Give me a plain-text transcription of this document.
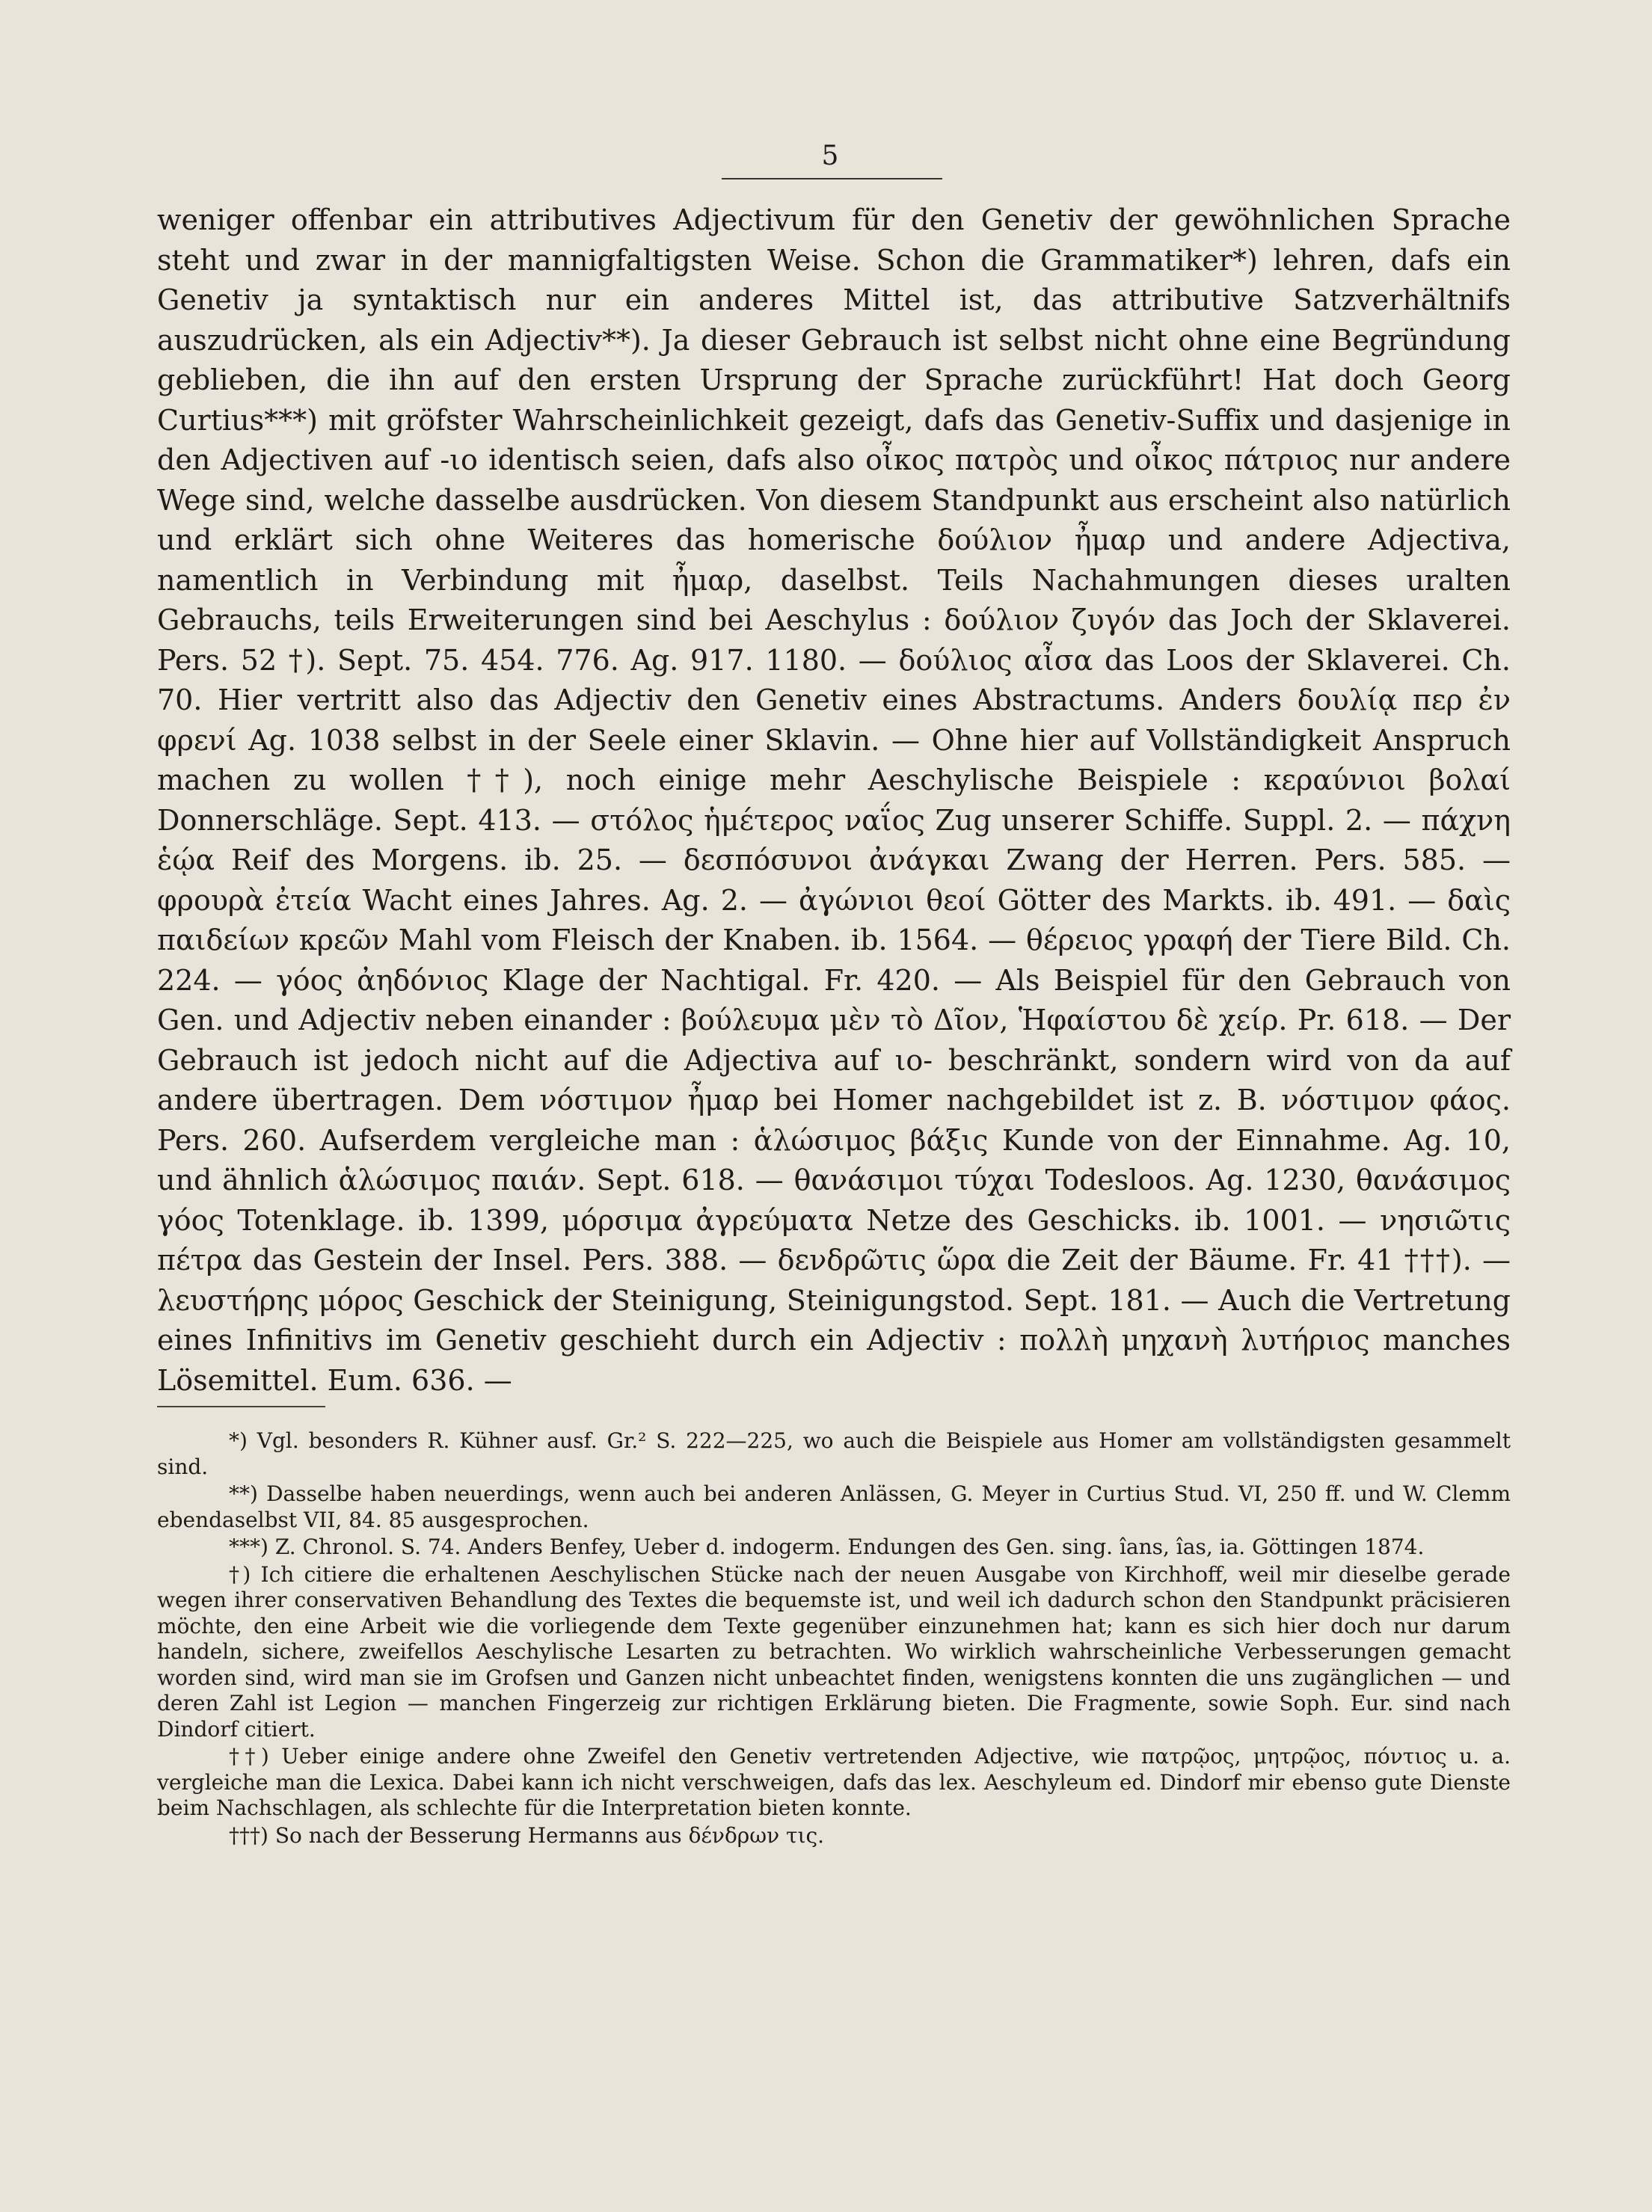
5

weniger offenbar ein attributives Adjectivum für den Genetiv der gewöhnlichen Sprache steht und zwar in der mannigfaltigsten Weise. Schon die Grammatiker*) lehren, dafs ein Genetiv ja syntaktisch nur ein anderes Mittel ist, das attributive Satzverhältnifs auszudrücken, als ein Adjectiv**). Ja dieser Gebrauch ist selbst nicht ohne eine Begründung geblieben, die ihn auf den ersten Ursprung der Sprache zurückführt! Hat doch Georg Curtius***) mit gröfster Wahrscheinlichkeit gezeigt, dafs das Genetiv-Suffix und dasjenige in den Adjectiven auf -ιο identisch seien, dafs also οἶκος πατρὸς und οἶκος πάτριος nur andere Wege sind, welche dasselbe ausdrücken. Von diesem Standpunkt aus erscheint also natürlich und erklärt sich ohne Weiteres das homerische δούλιον ἦμαρ und andere Adjectiva, namentlich in Verbindung mit ἦμαρ, daselbst. Teils Nachahmungen dieses uralten Gebrauchs, teils Erweiterungen sind bei Aeschylus : δούλιον ζυγόν das Joch der Sklaverei. Pers. 52 †). Sept. 75. 454. 776. Ag. 917. 1180. — δούλιος αἶσα das Loos der Sklaverei. Ch. 70. Hier vertritt also das Adjectiv den Genetiv eines Abstractums. Anders δουλίᾳ περ ἐν φρενί Ag. 1038 selbst in der Seele einer Sklavin. — Ohne hier auf Vollständigkeit Anspruch machen zu wollen ††), noch einige mehr Aeschylische Beispiele : κεραύνιοι βολαί Donnerschläge. Sept. 413. — στόλος ἡμέτερος ναΐος Zug unserer Schiffe. Suppl. 2. — πάχνη ἑῴα Reif des Morgens. ib. 25. — δεσπόσυνοι ἀνάγκαι Zwang der Herren. Pers. 585. — φρουρὰ ἐτεία Wacht eines Jahres. Ag. 2. — ἀγώνιοι θεοί Götter des Markts. ib. 491. — δαὶς παιδείων κρεῶν Mahl vom Fleisch der Knaben. ib. 1564. — θέρειος γραφή der Tiere Bild. Ch. 224. — γόος ἀηδόνιος Klage der Nachtigal. Fr. 420. — Als Beispiel für den Gebrauch von Gen. und Adjectiv neben einander : βούλευμα μὲν τὸ Δῖον, Ἡφαίστου δὲ χείρ. Pr. 618. — Der Gebrauch ist jedoch nicht auf die Adjectiva auf ιο- beschränkt, sondern wird von da auf andere übertragen. Dem νόστιμον ἦμαρ bei Homer nachgebildet ist z. B. νόστιμον φάος. Pers. 260. Aufserdem vergleiche man : ἁλώσιμος βάξις Kunde von der Einnahme. Ag. 10, und ähnlich ἁλώσιμος παιάν. Sept. 618. — θανάσιμοι τύχαι Todesloos. Ag. 1230, θανάσιμος γόος Totenklage. ib. 1399, μόρσιμα ἀγρεύματα Netze des Geschicks. ib. 1001. — νησιῶτις πέτρα das Gestein der Insel. Pers. 388. — δενδρῶτις ὥρα die Zeit der Bäume. Fr. 41 †††). — λευστήρης μόρος Geschick der Steinigung, Steinigungstod. Sept. 181. — Auch die Vertretung eines Infinitivs im Genetiv geschieht durch ein Adjectiv : πολλὴ μηχανὴ λυτήριος manches Lösemittel. Eum. 636. —

*) Vgl. besonders R. Kühner ausf. Gr.² S. 222—225, wo auch die Beispiele aus Homer am vollständigsten gesammelt sind.

**) Dasselbe haben neuerdings, wenn auch bei anderen Anlässen, G. Meyer in Curtius Stud. VI, 250 ff. und W. Clemm ebendaselbst VII, 84. 85 ausgesprochen.

***) Z. Chronol. S. 74. Anders Benfey, Ueber d. indogerm. Endungen des Gen. sing. îans, îas, ia. Göttingen 1874.

†) Ich citiere die erhaltenen Aeschylischen Stücke nach der neuen Ausgabe von Kirchhoff, weil mir dieselbe gerade wegen ihrer conservativen Behandlung des Textes die bequemste ist, und weil ich dadurch schon den Standpunkt präcisieren möchte, den eine Arbeit wie die vorliegende dem Texte gegenüber einzunehmen hat; kann es sich hier doch nur darum handeln, sichere, zweifellos Aeschylische Lesarten zu betrachten. Wo wirklich wahrscheinliche Verbesserungen gemacht worden sind, wird man sie im Grofsen und Ganzen nicht unbeachtet finden, wenigstens konnten die uns zugänglichen — und deren Zahl ist Legion — manchen Fingerzeig zur richtigen Erklärung bieten. Die Fragmente, sowie Soph. Eur. sind nach Dindorf citiert.

††) Ueber einige andere ohne Zweifel den Genetiv vertretenden Adjective, wie πατρῷος, μητρῷος, πόντιος u. a. vergleiche man die Lexica. Dabei kann ich nicht verschweigen, dafs das lex. Aeschyleum ed. Dindorf mir ebenso gute Dienste beim Nachschlagen, als schlechte für die Interpretation bieten konnte.

†††) So nach der Besserung Hermanns aus δένδρων τις.
